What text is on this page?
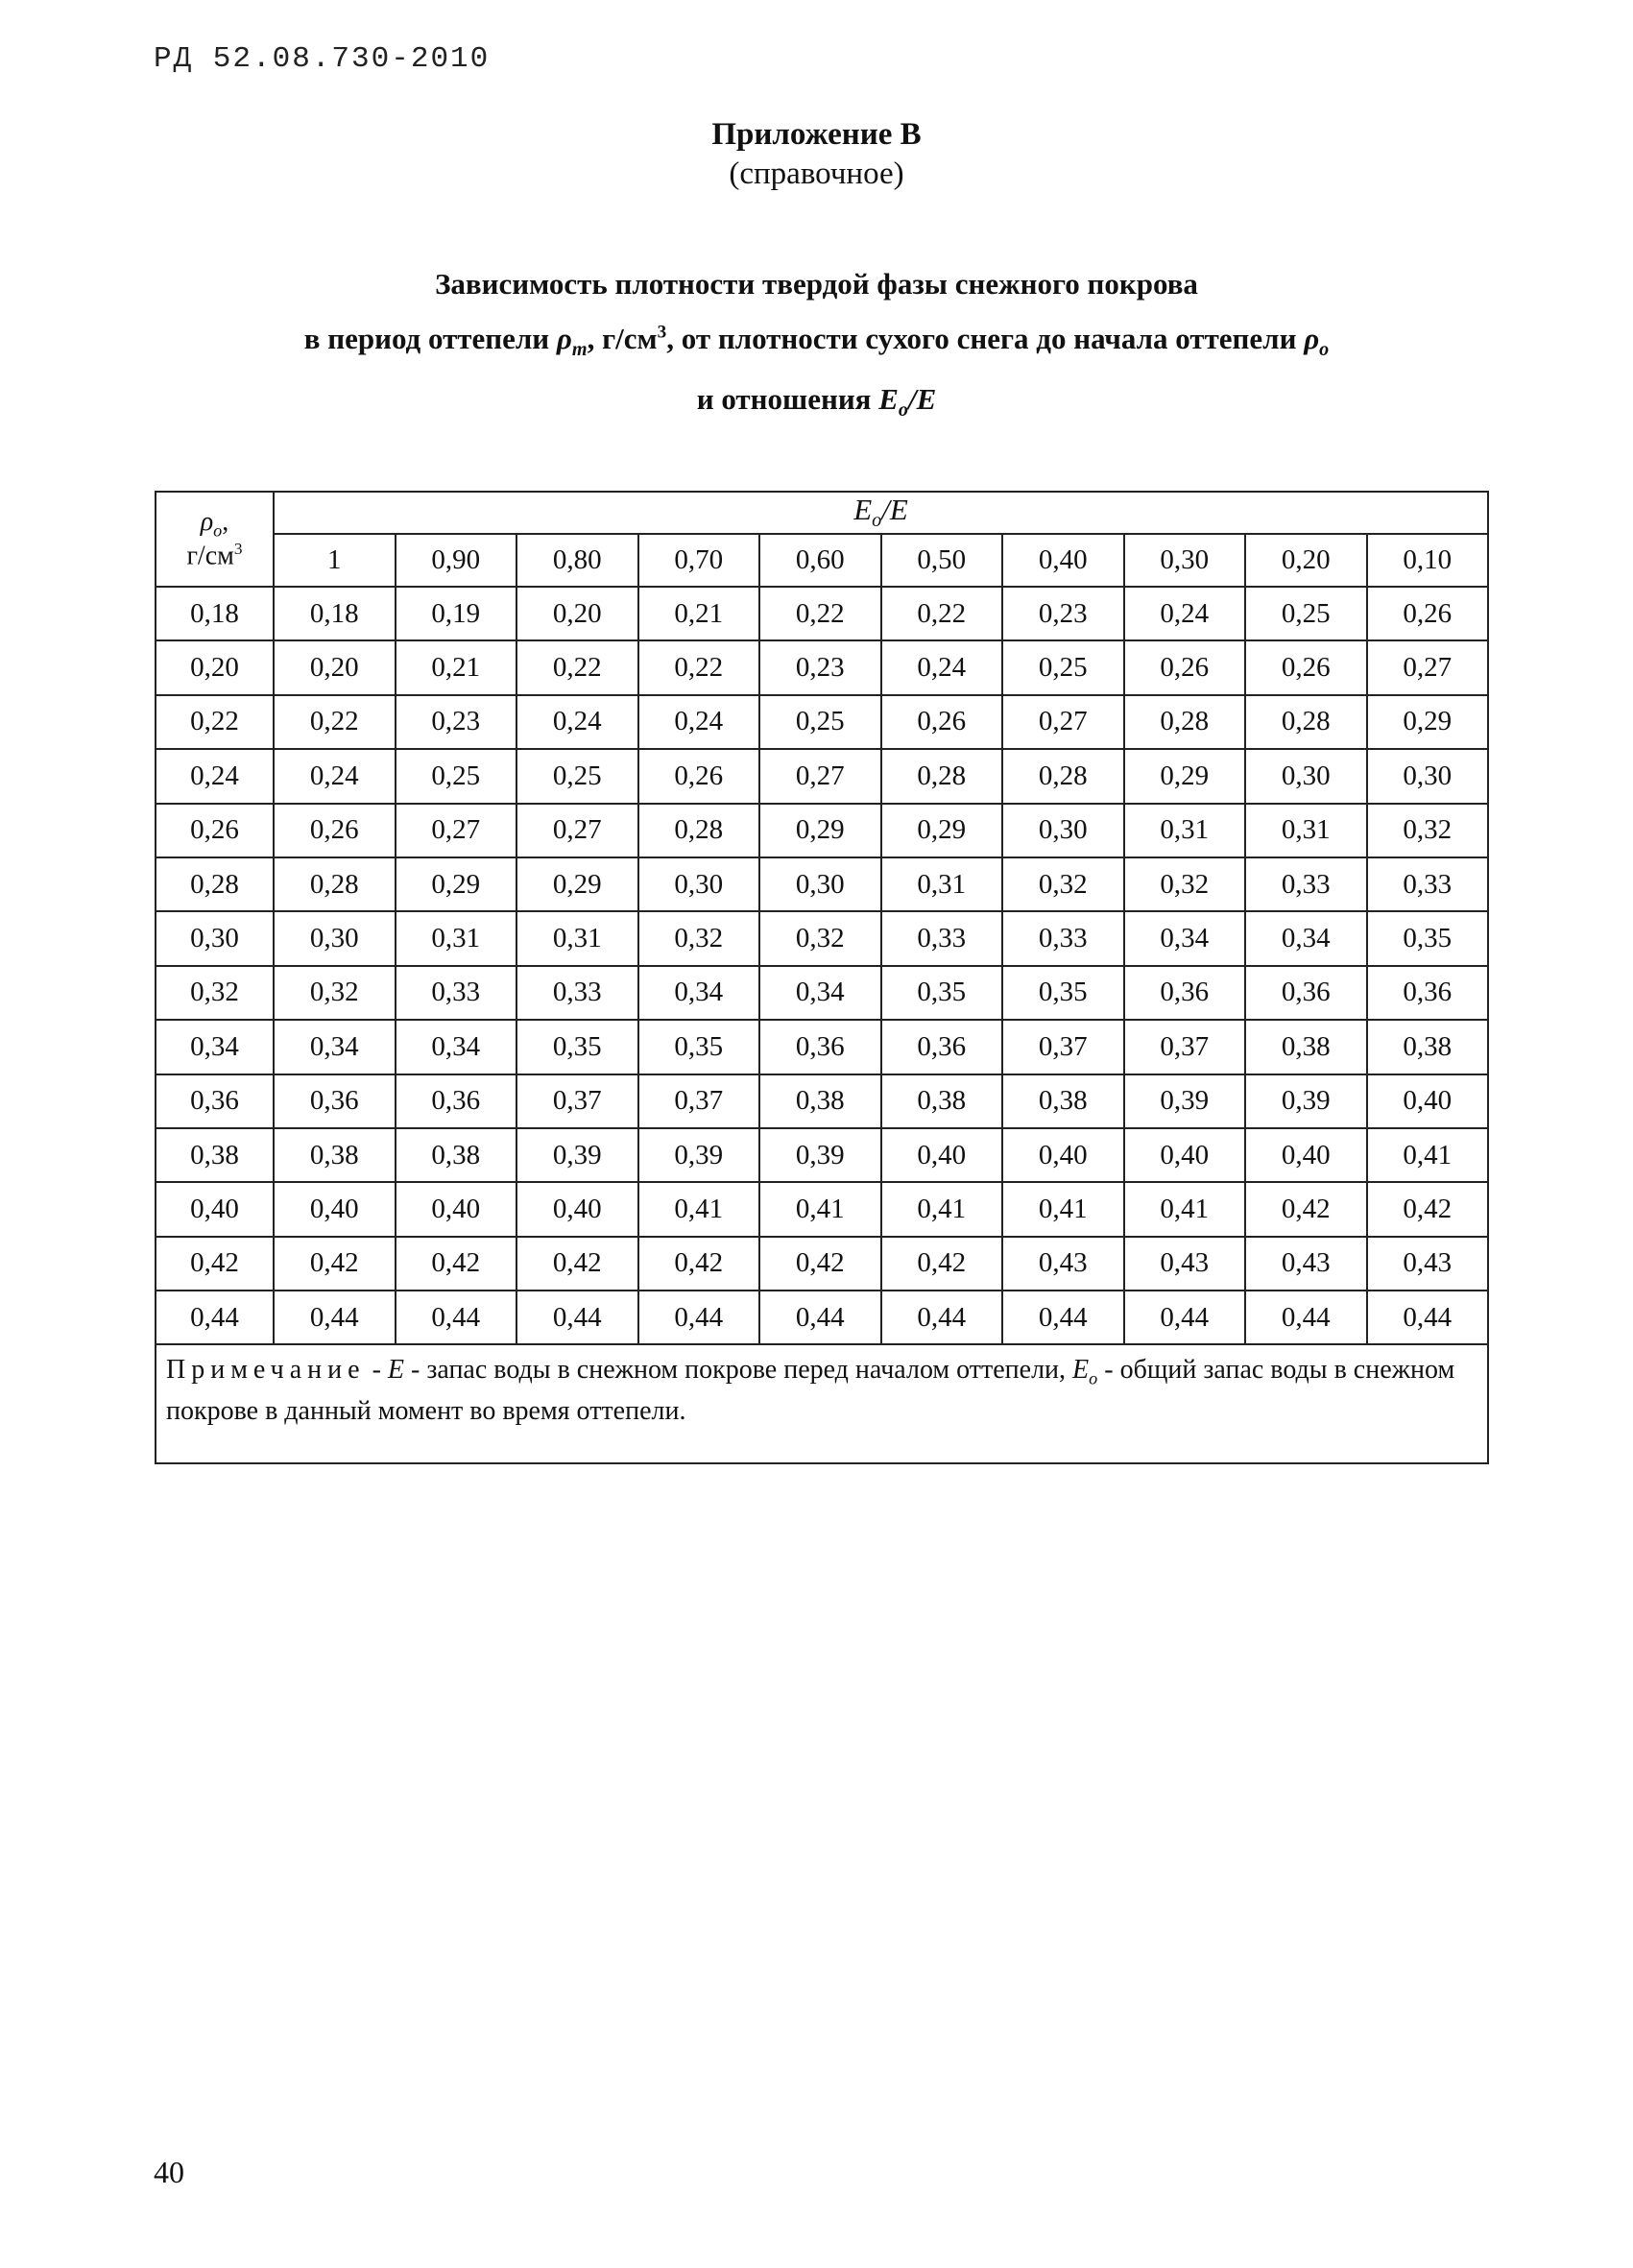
РД 52.08.730-2010
Приложение В
(справочное)
Зависимость плотности твердой фазы снежного покрова
в период оттепели $\rho_m$, $г/см^3$, от плотности сухого снега до начала оттепели $\rho_o$
и отношения $E_o/E$
$\rho_o$,
$г/см^3$	$E_o/E$									
	1	0,90	0,80	0,70	0,60	0,50	0,40	0,30	0,20	0,10
0,18	0,18	0,19	0,20	0,21	0,22	0,22	0,23	0,24	0,25	0,26
0,20	0,20	0,21	0,22	0,22	0,23	0,24	0,25	0,26	0,26	0,27
0,22	0,22	0,23	0,24	0,24	0,25	0,26	0,27	0,28	0,28	0,29
0,24	0,24	0,25	0,25	0,26	0,27	0,28	0,28	0,29	0,30	0,30
0,26	0,26	0,27	0,27	0,28	0,29	0,29	0,30	0,31	0,31	0,32
0,28	0,28	0,29	0,29	0,30	0,30	0,31	0,32	0,32	0,33	0,33
0,30	0,30	0,31	0,31	0,32	0,32	0,33	0,33	0,34	0,34	0,35
0,32	0,32	0,33	0,33	0,34	0,34	0,35	0,35	0,36	0,36	0,36
0,34	0,34	0,34	0,35	0,35	0,36	0,36	0,37	0,37	0,38	0,38
0,36	0,36	0,36	0,37	0,37	0,38	0,38	0,38	0,39	0,39	0,40
0,38	0,38	0,38	0,39	0,39	0,39	0,40	0,40	0,40	0,40	0,41
0,40	0,40	0,40	0,40	0,41	0,41	0,41	0,41	0,41	0,42	0,42
0,42	0,42	0,42	0,42	0,42	0,42	0,42	0,43	0,43	0,43	0,43
0,44	0,44	0,44	0,44	0,44	0,44	0,44	0,44	0,44	0,44	0,44
Примечание - E - запас воды в снежном покрове перед началом оттепели, $E_o$ - общий запас воды в снежном покрове в данный момент во время оттепели.										
40
